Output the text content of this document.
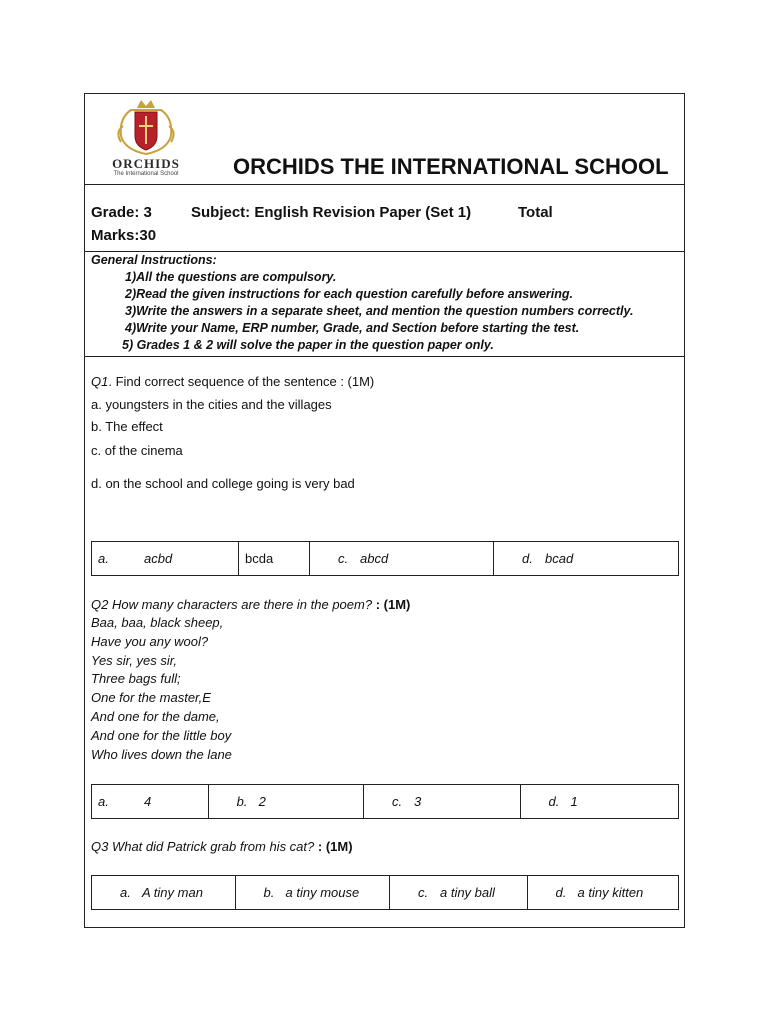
ORCHIDS
The International School	ORCHIDS THE INTERNATIONAL SCHOOL
Grade: 3	Subject: English Revision Paper (Set 1)	Total
Marks:30
General Instructions:
1)All the questions are compulsory.
2)Read the given instructions for each question carefully before answering.
3)Write the answers in a separate sheet, and mention the question numbers correctly.
4)Write your Name, ERP number, Grade, and Section before starting the test.
5) Grades 1 & 2 will solve the paper in the question paper only.
Q1. Find correct sequence of the sentence : (1M)
a. youngsters in the cities and the villages
b. The effect
c. of the cinema
d. on the school and college going is very bad
a.	acbd	bcda	c. abcd	d. bcad
Q2 How many characters are there in the poem? : (1M)
Baa, baa, black sheep,
Have you any wool?
Yes sir, yes sir,
Three bags full;
One for the master,E
And one for the dame,
And one for the little boy
Who lives down the lane
a.	4	b. 2	c. 3	d. 1
Q3 What did Patrick grab from his cat? : (1M)
a. A tiny man	b. a tiny mouse	c. a tiny ball	d. a tiny kitten
